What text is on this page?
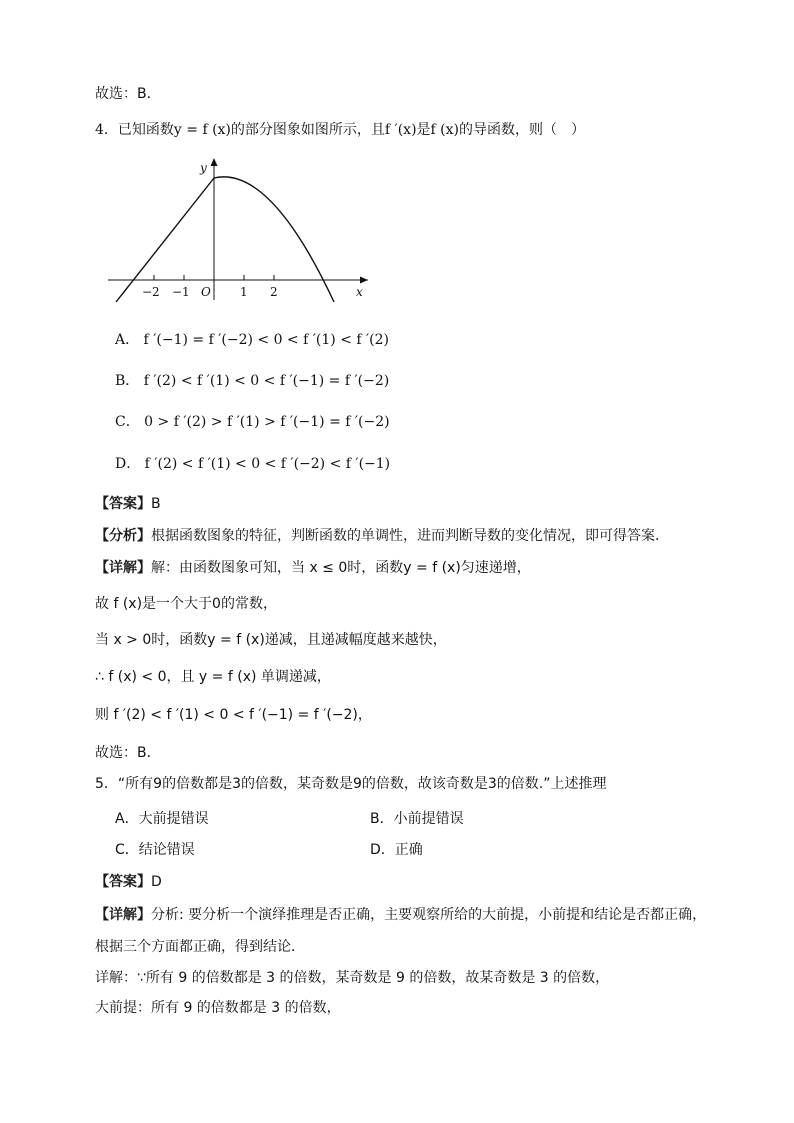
故选：B．
4．已知函数y = f (x)的部分图象如图所示，且f ′(x)是f (x)的导函数，则（　）
y
x
O
−2 −1	1 2
A． f ′(−1) = f ′(−2) < 0 < f ′(1) < f ′(2)
B． f ′(2) < f ′(1) < 0 < f ′(−1) = f ′(−2)
C． 0 > f ′(2) > f ′(1) > f ′(−1) = f ′(−2)
D． f ′(2) < f ′(1) < 0 < f ′(−2) < f ′(−1)
【答案】B
【分析】根据函数图象的特征，判断函数的单调性，进而判断导数的变化情况，即可得答案．
【详解】解：由函数图象可知，当 x ≤ 0时，函数y = f (x)匀速递增，
故 f (x)是一个大于0的常数，
当 x > 0时，函数y = f (x)递减，且递减幅度越来越快，
∴ f (x) < 0，且 y = f (x) 单调递减，
则 f ′(2) < f ′(1) < 0 < f ′(−1) = f ′(−2)，
故选：B．
5．“所有9的倍数都是3的倍数，某奇数是9的倍数，故该奇数是3的倍数.”上述推理
A．大前提错误	B．小前提错误
C．结论错误	D．正确
【答案】D
【详解】分析: 要分析一个演绎推理是否正确，主要观察所给的大前提，小前提和结论是否都正确，
根据三个方面都正确，得到结论．
详解：∵所有 9 的倍数都是 3 的倍数，某奇数是 9 的倍数，故某奇数是 3 的倍数，
大前提：所有 9 的倍数都是 3 的倍数，
